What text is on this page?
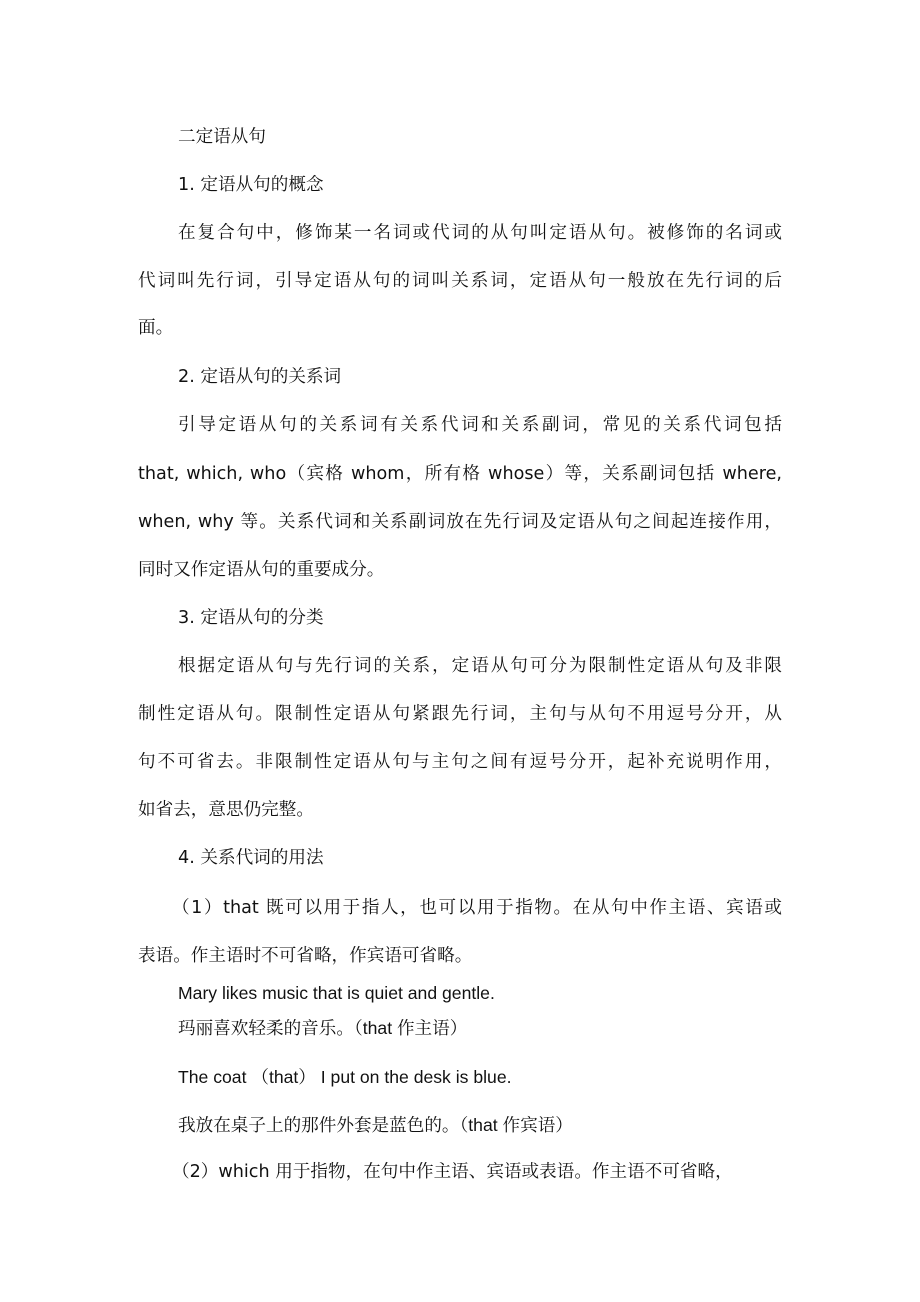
二定语从句
1. 定语从句的概念
在复合句中，修饰某一名词或代词的从句叫定语从句。被修饰的名词或
代词叫先行词，引导定语从句的词叫关系词，定语从句一般放在先行词的后
面。
2. 定语从句的关系词
引导定语从句的关系词有关系代词和关系副词，常见的关系代词包括
that, which, who（宾格 whom，所有格 whose）等，关系副词包括 where,
when, why 等。关系代词和关系副词放在先行词及定语从句之间起连接作用，
同时又作定语从句的重要成分。
3. 定语从句的分类
根据定语从句与先行词的关系，定语从句可分为限制性定语从句及非限
制性定语从句。限制性定语从句紧跟先行词，主句与从句不用逗号分开，从
句不可省去。非限制性定语从句与主句之间有逗号分开，起补充说明作用，
如省去，意思仍完整。
4. 关系代词的用法
（1）that 既可以用于指人，也可以用于指物。在从句中作主语、宾语或
表语。作主语时不可省略，作宾语可省略。
Mary likes music that is quiet and gentle.
玛丽喜欢轻柔的音乐。（that 作主语）
The coat （that） I put on the desk is blue.
我放在桌子上的那件外套是蓝色的。（that 作宾语）
（2）which 用于指物，在句中作主语、宾语或表语。作主语不可省略，
